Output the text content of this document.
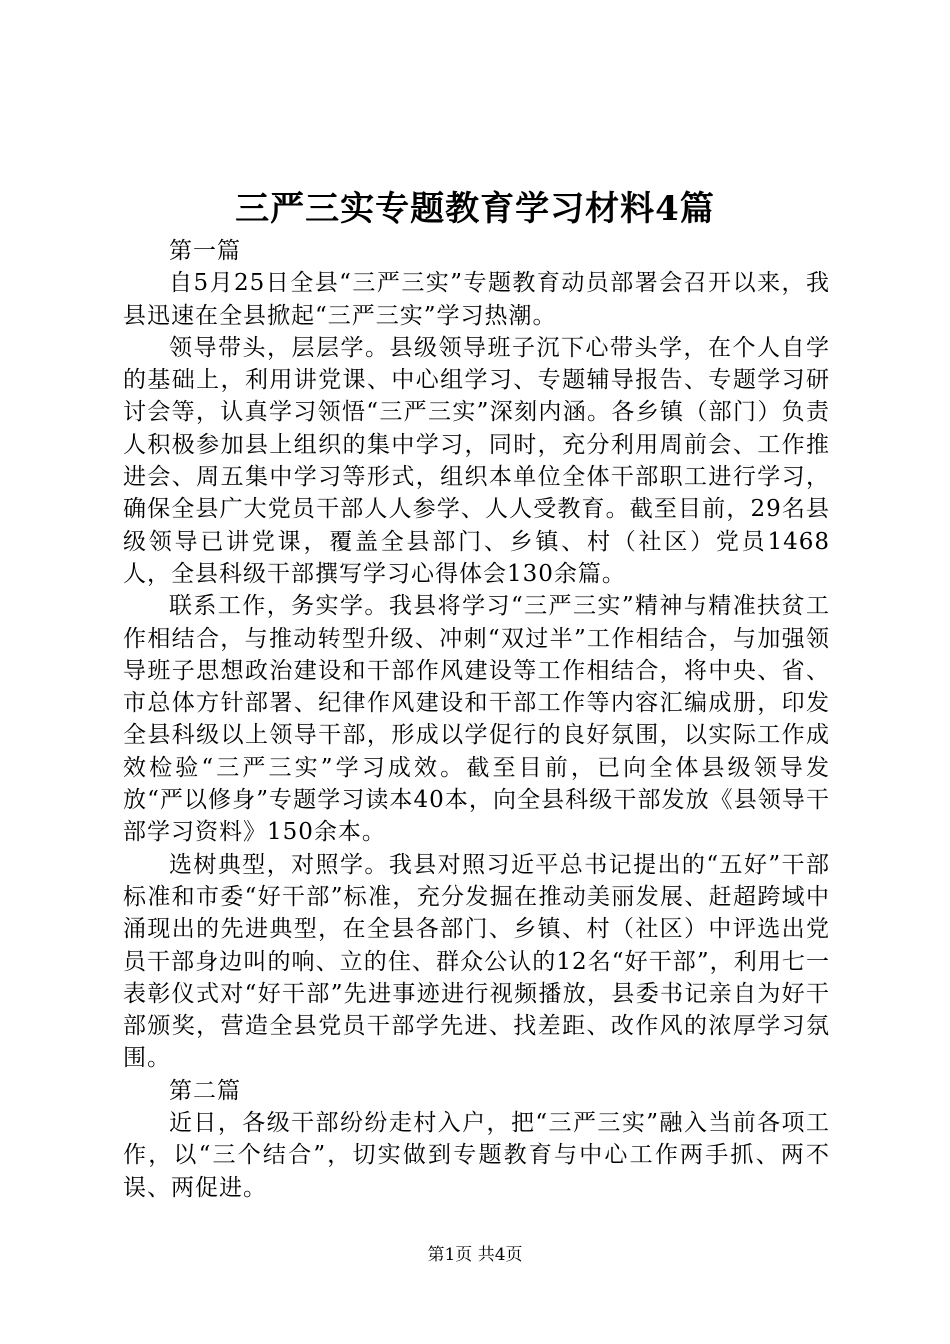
三严三实专题教育学习材料4篇

第一篇

自5月25日全县“三严三实”专题教育动员部署会召开以来，我县迅速在全县掀起“三严三实”学习热潮。

领导带头，层层学。县级领导班子沉下心带头学，在个人自学的基础上，利用讲党课、中心组学习、专题辅导报告、专题学习研讨会等，认真学习领悟“三严三实”深刻内涵。各乡镇（部门）负责人积极参加县上组织的集中学习，同时，充分利用周前会、工作推进会、周五集中学习等形式，组织本单位全体干部职工进行学习，确保全县广大党员干部人人参学、人人受教育。截至目前，29名县级领导已讲党课，覆盖全县部门、乡镇、村（社区）党员1468人，全县科级干部撰写学习心得体会130余篇。

联系工作，务实学。我县将学习“三严三实”精神与精准扶贫工作相结合，与推动转型升级、冲刺“双过半”工作相结合，与加强领导班子思想政治建设和干部作风建设等工作相结合，将中央、省、市总体方针部署、纪律作风建设和干部工作等内容汇编成册，印发全县科级以上领导干部，形成以学促行的良好氛围，以实际工作成效检验“三严三实”学习成效。截至目前，已向全体县级领导发放“严以修身”专题学习读本40本，向全县科级干部发放《县领导干部学习资料》150余本。

选树典型，对照学。我县对照习近平总书记提出的“五好”干部标准和市委“好干部”标准，充分发掘在推动美丽发展、赶超跨域中涌现出的先进典型，在全县各部门、乡镇、村（社区）中评选出党员干部身边叫的响、立的住、群众公认的12名“好干部”，利用七一表彰仪式对“好干部”先进事迹进行视频播放，县委书记亲自为好干部颁奖，营造全县党员干部学先进、找差距、改作风的浓厚学习氛围。

第二篇

近日，各级干部纷纷走村入户，把“三严三实”融入当前各项工作，以“三个结合”，切实做到专题教育与中心工作两手抓、两不误、两促进。

第1页 共4页
